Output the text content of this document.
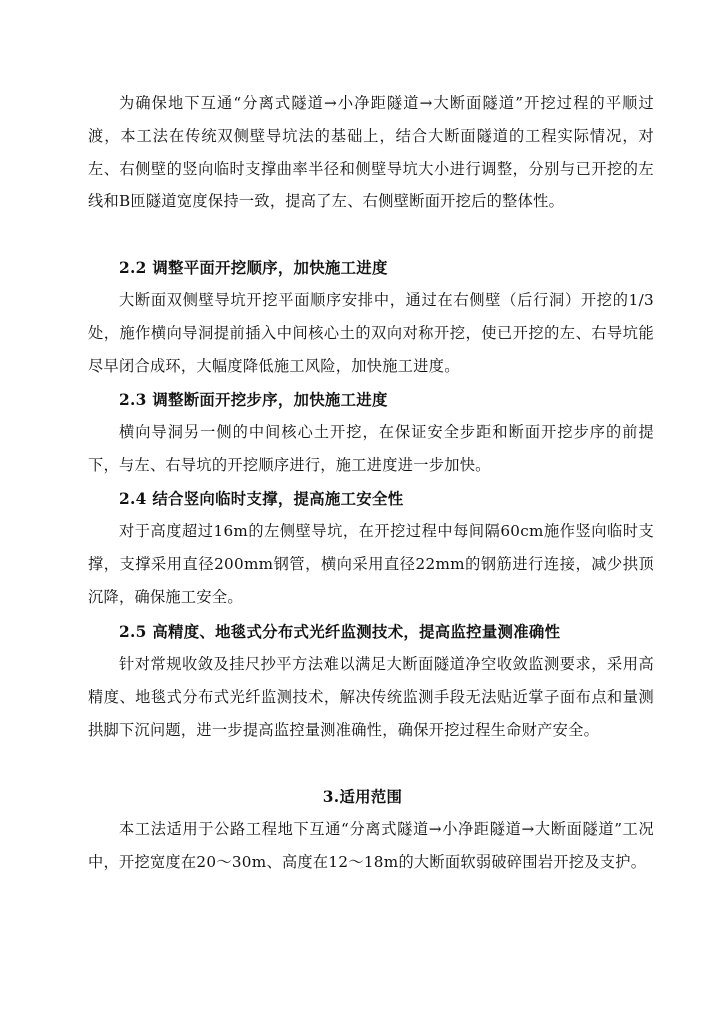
为确保地下互通“分离式隧道→小净距隧道→大断面隧道”开挖过程的平顺过渡，本工法在传统双侧壁导坑法的基础上，结合大断面隧道的工程实际情况，对左、右侧壁的竖向临时支撑曲率半径和侧壁导坑大小进行调整，分别与已开挖的左线和B匝隧道宽度保持一致，提高了左、右侧壁断面开挖后的整体性。

2.2 调整平面开挖顺序，加快施工进度

大断面双侧壁导坑开挖平面顺序安排中，通过在右侧壁（后行洞）开挖的1/3处，施作横向导洞提前插入中间核心土的双向对称开挖，使已开挖的左、右导坑能尽早闭合成环，大幅度降低施工风险，加快施工进度。

2.3 调整断面开挖步序，加快施工进度

横向导洞另一侧的中间核心土开挖，在保证安全步距和断面开挖步序的前提下，与左、右导坑的开挖顺序进行，施工进度进一步加快。

2.4 结合竖向临时支撑，提高施工安全性

对于高度超过16m的左侧壁导坑，在开挖过程中每间隔60cm施作竖向临时支撑，支撑采用直径200mm钢管，横向采用直径22mm的钢筋进行连接，减少拱顶沉降，确保施工安全。

2.5 高精度、地毯式分布式光纤监测技术，提高监控量测准确性

针对常规收敛及挂尺抄平方法难以满足大断面隧道净空收敛监测要求，采用高精度、地毯式分布式光纤监测技术，解决传统监测手段无法贴近掌子面布点和量测拱脚下沉问题，进一步提高监控量测准确性，确保开挖过程生命财产安全。

3.适用范围

本工法适用于公路工程地下互通“分离式隧道→小净距隧道→大断面隧道”工况中，开挖宽度在20～30m、高度在12～18m的大断面软弱破碎围岩开挖及支护。
